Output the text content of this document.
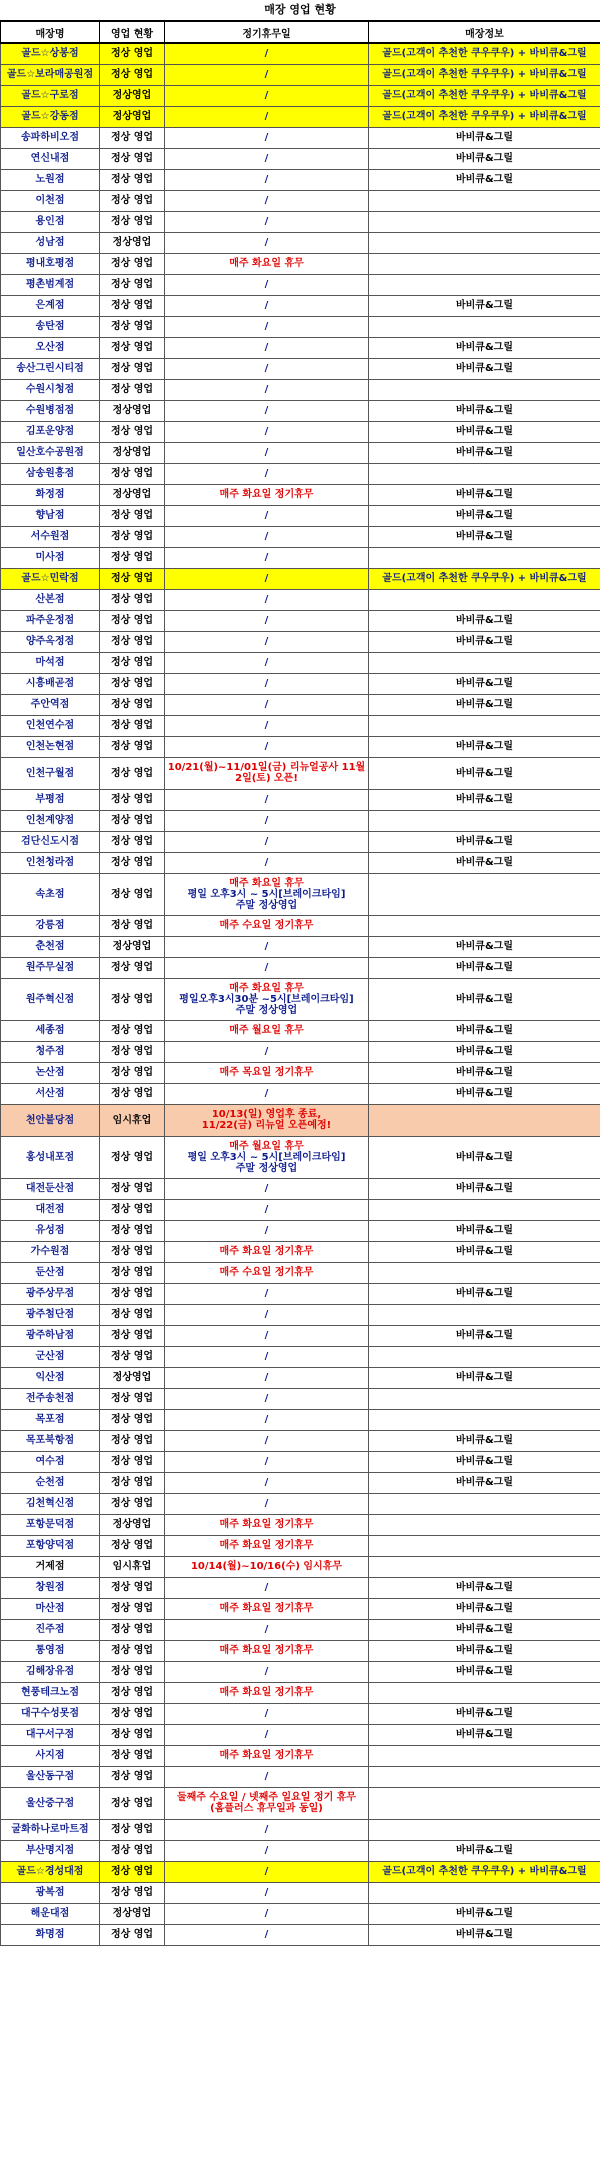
매장 영업 현황
매장명	영업 현황	정기휴무일	매장정보
골드☆상봉점	정상 영업	/	골드(고객이 추천한 쿠우쿠우) + 바비큐&그릴
골드☆보라매공원점	정상 영업	/	골드(고객이 추천한 쿠우쿠우) + 바비큐&그릴
골드☆구로점	정상영업	/	골드(고객이 추천한 쿠우쿠우) + 바비큐&그릴
골드☆강동점	정상영업	/	골드(고객이 추천한 쿠우쿠우) + 바비큐&그릴
송파하비오점	정상 영업	/	바비큐&그릴
연신내점	정상 영업	/	바비큐&그릴
노원점	정상 영업	/	바비큐&그릴
이천점	정상 영업	/	
용인점	정상 영업	/	
성남점	정상영업	/	
평내호평점	정상 영업	매주 화요일 휴무	
평촌범계점	정상 영업	/	
은계점	정상 영업	/	바비큐&그릴
송탄점	정상 영업	/	
오산점	정상 영업	/	바비큐&그릴
송산그린시티점	정상 영업	/	바비큐&그릴
수원시청점	정상 영업	/	
수원병점점	정상영업	/	바비큐&그릴
김포운양점	정상 영업	/	바비큐&그릴
일산호수공원점	정상영업	/	바비큐&그릴
삼송원흥점	정상 영업	/	
화정점	정상영업	매주 화요일 정기휴무	바비큐&그릴
향남점	정상 영업	/	바비큐&그릴
서수원점	정상 영업	/	바비큐&그릴
미사점	정상 영업	/	
골드☆민락점	정상 영업	/	골드(고객이 추천한 쿠우쿠우) + 바비큐&그릴
산본점	정상 영업	/	
파주운정점	정상 영업	/	바비큐&그릴
양주옥정점	정상 영업	/	바비큐&그릴
마석점	정상 영업	/	
시흥배곧점	정상 영업	/	바비큐&그릴
주안역점	정상 영업	/	바비큐&그릴
인천연수점	정상 영업	/	
인천논현점	정상 영업	/	바비큐&그릴
인천구월점	정상 영업	10/21(월)~11/01일(금) 리뉴얼공사 11월2일(토) 오픈!	바비큐&그릴
부평점	정상 영업	/	바비큐&그릴
인천계양점	정상 영업	/	
검단신도시점	정상 영업	/	바비큐&그릴
인천청라점	정상 영업	/	바비큐&그릴
속초점	정상 영업	매주 화요일 휴무
평일 오후3시 ~ 5시[브레이크타임]
주말 정상영업	

강릉점	정상 영업	매주 수요일 정기휴무	
춘천점	정상영업	/	바비큐&그릴
원주무실점	정상 영업	/	바비큐&그릴
원주혁신점	정상 영업	매주 화요일 휴무
평일오후3시30분 ~5시[브레이크타임]
주말 정상영업	바비큐&그릴
세종점	정상 영업	매주 월요일 휴무	바비큐&그릴
청주점	정상 영업	/	바비큐&그릴
논산점	정상 영업	매주 목요일 정기휴무	바비큐&그릴
서산점	정상 영업	/	바비큐&그릴
천안불당점	임시휴업	10/13(일) 영업후 종료,
11/22(금) 리뉴얼 오픈예정!	

홍성내포점	정상 영업	매주 월요일 휴무
평일 오후3시 ~ 5시[브레이크타임]
주말 정상영업	바비큐&그릴
대전둔산점	정상 영업	/	바비큐&그릴
대전점	정상 영업	/	
유성점	정상 영업	/	바비큐&그릴
가수원점	정상 영업	매주 화요일 정기휴무	바비큐&그릴
둔산점	정상 영업	매주 수요일 정기휴무	
광주상무점	정상 영업	/	바비큐&그릴
광주첨단점	정상 영업	/	
광주하남점	정상 영업	/	바비큐&그릴
군산점	정상 영업	/	
익산점	정상영업	/	바비큐&그릴
전주송천점	정상 영업	/	
목포점	정상 영업	/	
목포북항점	정상 영업	/	바비큐&그릴
여수점	정상 영업	/	바비큐&그릴
순천점	정상 영업	/	바비큐&그릴
김천혁신점	정상 영업	/	
포항문덕점	정상영업	매주 화요일 정기휴무	
포항양덕점	정상 영업	매주 화요일 정기휴무	
거제점	임시휴업	10/14(월)~10/16(수) 임시휴무	
창원점	정상 영업	/	바비큐&그릴
마산점	정상 영업	매주 화요일 정기휴무	바비큐&그릴
진주점	정상 영업	/	바비큐&그릴
통영점	정상 영업	매주 화요일 정기휴무	바비큐&그릴
김해장유점	정상 영업	/	바비큐&그릴
현풍테크노점	정상 영업	매주 화요일 정기휴무	
대구수성못점	정상 영업	/	바비큐&그릴
대구서구점	정상 영업	/	바비큐&그릴
사지점	정상 영업	매주 화요일 정기휴무	
울산동구점	정상 영업	/	
울산중구점	정상 영업	둘째주 수요일 / 넷째주 일요일 정기 휴무
(홈플러스 휴무일과 동일)	

굴화하나로마트점	정상 영업	/	
부산명지점	정상 영업	/	바비큐&그릴
골드☆경성대점	정상 영업	/	골드(고객이 추천한 쿠우쿠우) + 바비큐&그릴
광복점	정상 영업	/	
해운대점	정상영업	/	바비큐&그릴
화명점	정상 영업	/	바비큐&그릴
